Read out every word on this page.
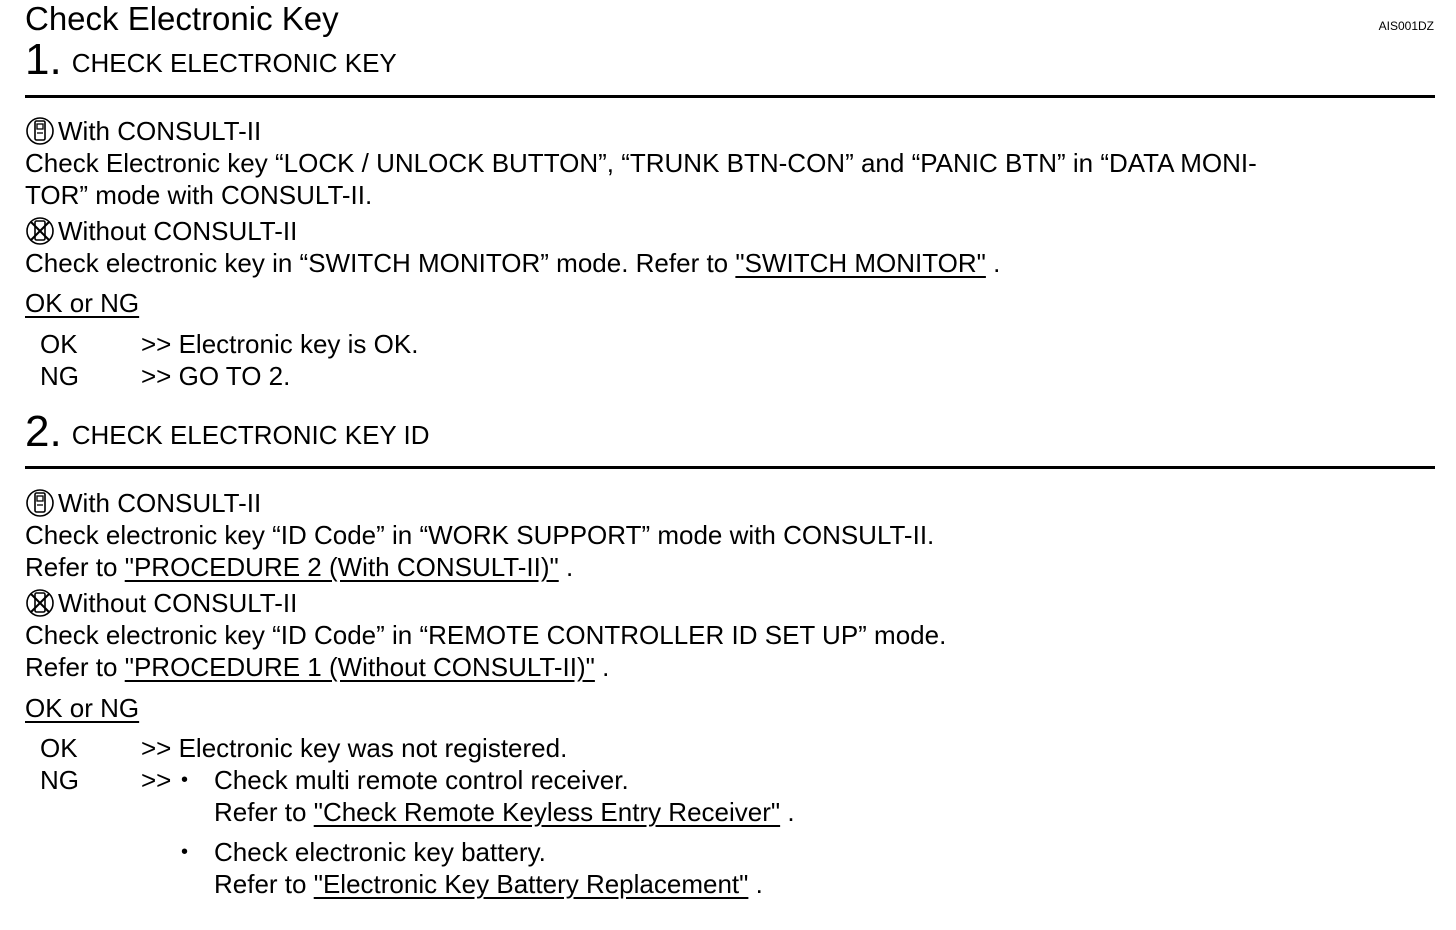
Check Electronic Key	AIS001DZ
1. CHECK ELECTRONIC KEY
With CONSULT-II
Check Electronic key “LOCK / UNLOCK BUTTON”, “TRUNK BTN-CON” and “PANIC BTN” in “DATA MONI-
TOR” mode with CONSULT-II.
Without CONSULT-II
Check electronic key in “SWITCH MONITOR” mode. Refer to "SWITCH MONITOR" .
OK or NG
OK >> Electronic key is OK.
NG >> GO TO 2.
2. CHECK ELECTRONIC KEY ID
With CONSULT-II
Check electronic key “ID Code” in “WORK SUPPORT” mode with CONSULT-II.
Refer to "PROCEDURE 2 (With CONSULT-II)" .
Without CONSULT-II
Check electronic key “ID Code” in “REMOTE CONTROLLER ID SET UP” mode.
Refer to "PROCEDURE 1 (Without CONSULT-II)" .
OK or NG
OK >> Electronic key was not registered.
NG >> • Check multi remote control receiver.
Refer to "Check Remote Keyless Entry Receiver" .
• Check electronic key battery.
Refer to "Electronic Key Battery Replacement" .
